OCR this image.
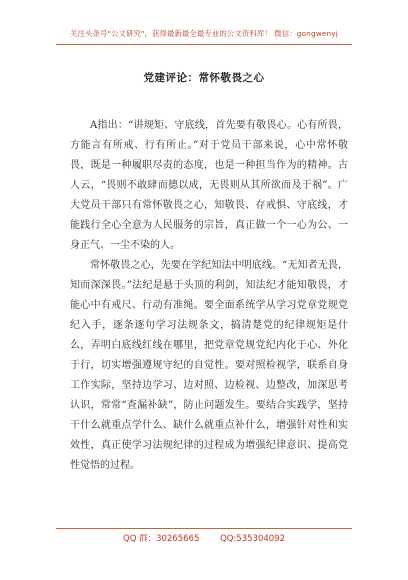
关注头条号"公文研究"，获得最新最全最专业的公文资料库！ 微信：gongwenyj
党建评论：常怀敬畏之心

A指出：“讲规矩、守底线，首先要有敬畏心。心有所畏，方能言有所戒、行有所止。”对于党员干部来说，心中常怀敬畏，既是一种履职尽责的态度，也是一种担当作为的精神。古人云，“畏则不敢肆而德以成，无畏则从其所欲而及于祸”。广大党员干部只有常怀敬畏之心，知敬畏、存戒惧、守底线，才能践行全心全意为人民服务的宗旨，真正做一个一心为公、一身正气、一尘不染的人。

常怀敬畏之心，先要在学纪知法中明底线。“无知者无畏，知而深深畏。”法纪是悬于头顶的利剑，知法纪才能知敬畏，才能心中有戒尺、行动有准绳。要全面系统学从学习党章党规党纪入手，逐条逐句学习法规条文，搞清楚党的纪律规矩是什么，弄明白底线红线在哪里，把党章党规党纪内化于心、外化于行，切实增强遵规守纪的自觉性。要对照检视学，联系自身工作实际，坚持边学习、边对照、边检视、边整改，加深思考认识，常常“查漏补缺”，防止问题发生。要结合实践学，坚持干什么就重点学什么、缺什么就重点补什么，增强针对性和实效性，真正使学习法规纪律的过程成为增强纪律意识、提高党性觉悟的过程。

QQ 群：30265665 QQ:535304092
